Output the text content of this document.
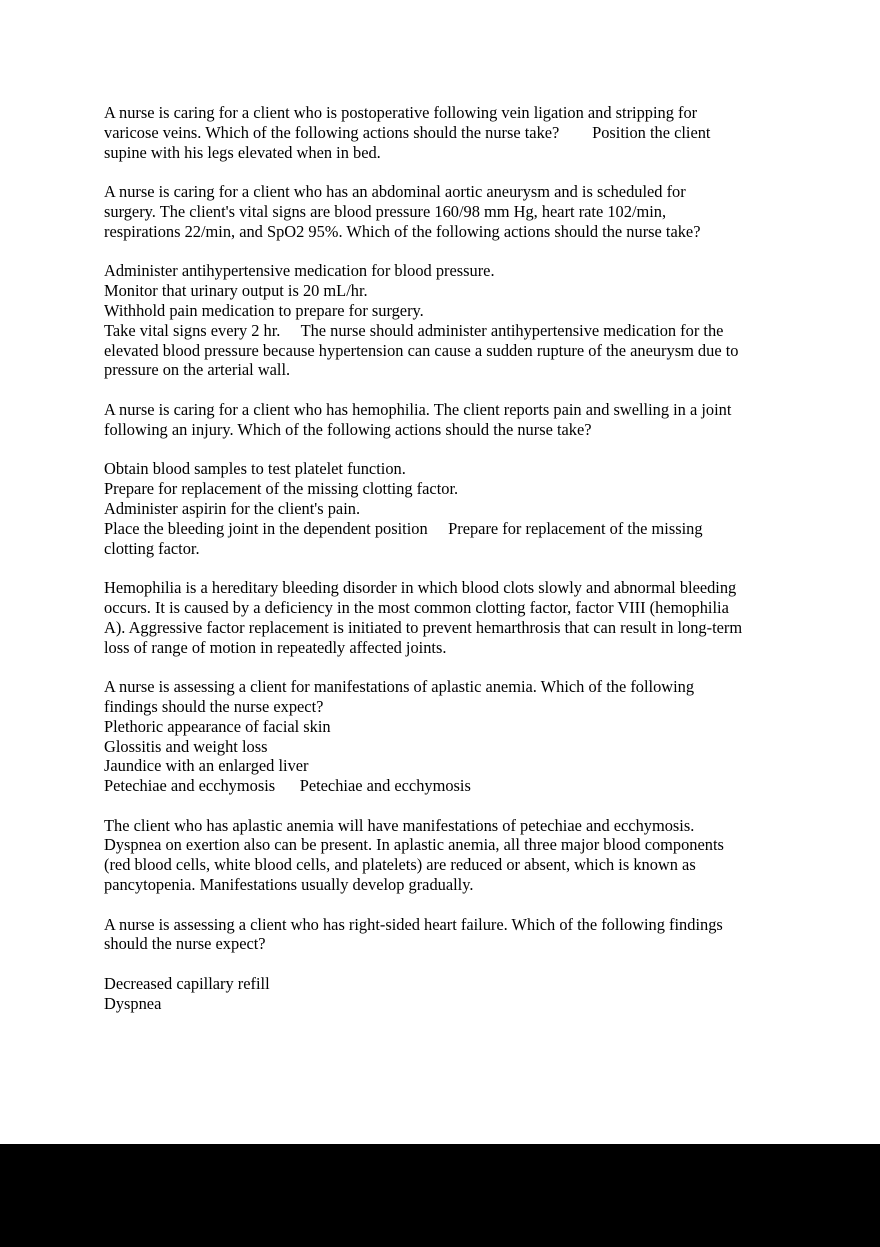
A nurse is caring for a client who is postoperative following vein ligation and stripping for
varicose veins. Which of the following actions should the nurse take?        Position the client
supine with his legs elevated when in bed.
A nurse is caring for a client who has an abdominal aortic aneurysm and is scheduled for
surgery. The client's vital signs are blood pressure 160/98 mm Hg, heart rate 102/min,
respirations 22/min, and SpO2 95%. Which of the following actions should the nurse take?
Administer antihypertensive medication for blood pressure.
Monitor that urinary output is 20 mL/hr.
Withhold pain medication to prepare for surgery.
Take vital signs every 2 hr.     The nurse should administer antihypertensive medication for the
elevated blood pressure because hypertension can cause a sudden rupture of the aneurysm due to
pressure on the arterial wall.
A nurse is caring for a client who has hemophilia. The client reports pain and swelling in a joint
following an injury. Which of the following actions should the nurse take?
Obtain blood samples to test platelet function.
Prepare for replacement of the missing clotting factor.
Administer aspirin for the client's pain.
Place the bleeding joint in the dependent position     Prepare for replacement of the missing
clotting factor.
Hemophilia is a hereditary bleeding disorder in which blood clots slowly and abnormal bleeding
occurs. It is caused by a deficiency in the most common clotting factor, factor VIII (hemophilia
A). Aggressive factor replacement is initiated to prevent hemarthrosis that can result in long-term
loss of range of motion in repeatedly affected joints.
A nurse is assessing a client for manifestations of aplastic anemia. Which of the following
findings should the nurse expect?
Plethoric appearance of facial skin
Glossitis and weight loss
Jaundice with an enlarged liver
Petechiae and ecchymosis      Petechiae and ecchymosis
The client who has aplastic anemia will have manifestations of petechiae and ecchymosis.
Dyspnea on exertion also can be present. In aplastic anemia, all three major blood components
(red blood cells, white blood cells, and platelets) are reduced or absent, which is known as
pancytopenia. Manifestations usually develop gradually.
A nurse is assessing a client who has right-sided heart failure. Which of the following findings
should the nurse expect?
Decreased capillary refill
Dyspnea
